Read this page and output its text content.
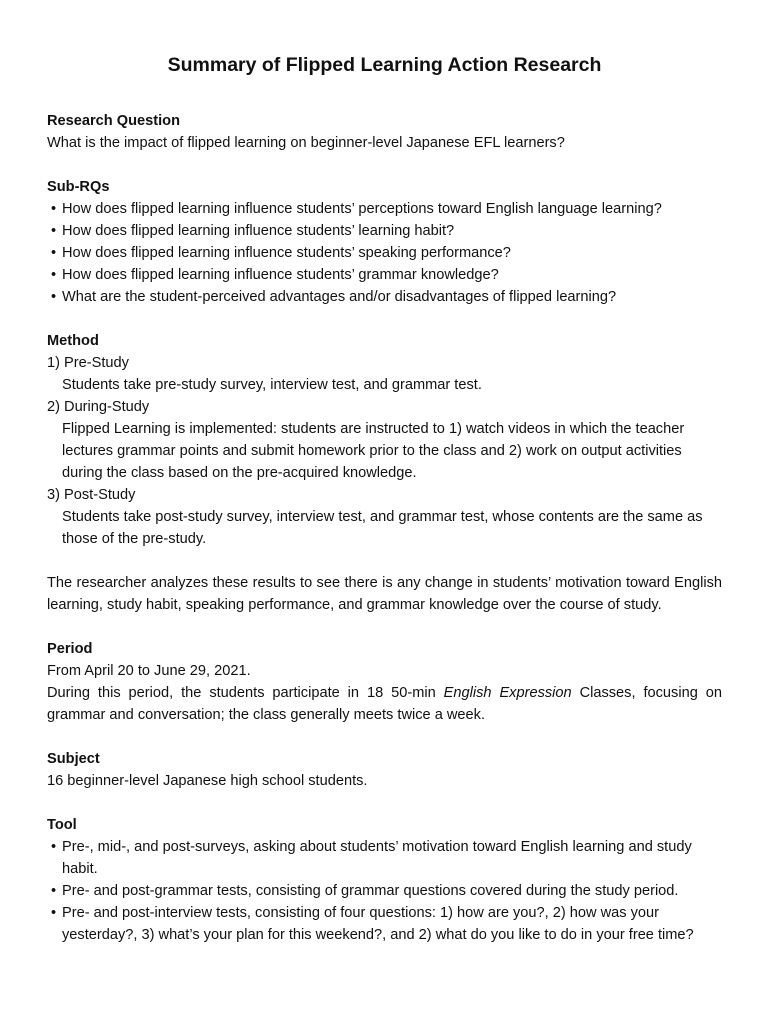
Summary of Flipped Learning Action Research
Research Question

What is the impact of flipped learning on beginner-level Japanese EFL learners?

Sub-RQs
• How does flipped learning influence students’ perceptions toward English language learning?
• How does flipped learning influence students’ learning habit?
• How does flipped learning influence students’ speaking performance?
• How does flipped learning influence students’ grammar knowledge?
• What are the student-perceived advantages and/or disadvantages of flipped learning?
Method
1) Pre-Study
Students take pre-study survey, interview test, and grammar test.
2) During-Study
Flipped Learning is implemented: students are instructed to 1) watch videos in which the teacher lectures grammar points and submit homework prior to the class and 2) work on output activities during the class based on the pre-acquired knowledge.
3) Post-Study
Students take post-study survey, interview test, and grammar test, whose contents are the same as those of the pre-study.

The researcher analyzes these results to see there is any change in students’ motivation toward English learning, study habit, speaking performance, and grammar knowledge over the course of study.

Period
From April 20 to June 29, 2021.
During this period, the students participate in 18 50-min English Expression Classes, focusing on grammar and conversation; the class generally meets twice a week.
Subject
16 beginner-level Japanese high school students.
Tool
• Pre-, mid-, and post-surveys, asking about students’ motivation toward English learning and study habit.
• Pre- and post-grammar tests, consisting of grammar questions covered during the study period.
• Pre- and post-interview tests, consisting of four questions: 1) how are you?, 2) how was your yesterday?, 3) what’s your plan for this weekend?, and 2) what do you like to do in your free time?
